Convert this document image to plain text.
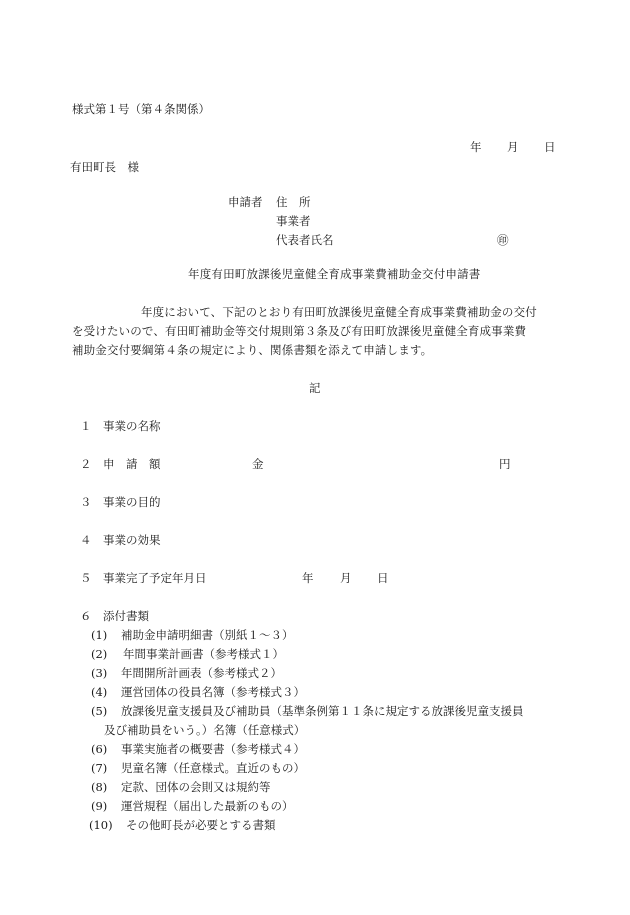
様式第１号（第４条関係）
年 月 日
有田町長　様
申請者 住　所
事業者
代表者氏名	㊞
年度有田町放課後児童健全育成事業費補助金交付申請書
年度において、下記のとおり有田町放課後児童健全育成事業費補助金の交付
を受けたいので、有田町補助金等交付規則第３条及び有田町放課後児童健全育成事業費
補助金交付要綱第４条の規定により、関係書類を添えて申請します。
記
１ 事業の名称
２ 申　請　額	金	円
３ 事業の目的
４ 事業の効果
５ 事業完了予定年月日	年 月 日
６ 添付書類
(1) 補助金申請明細書（別紙１～３）
(2) 年間事業計画書（参考様式１）
(3) 年間開所計画表（参考様式２）
(4) 運営団体の役員名簿（参考様式３）
(5) 放課後児童支援員及び補助員（基準条例第１１条に規定する放課後児童支援員
及び補助員をいう。）名簿（任意様式）
(6) 事業実施者の概要書（参考様式４）
(7) 児童名簿（任意様式。直近のもの）
(8) 定款、団体の会則又は規約等
(9) 運営規程（届出した最新のもの）
(10) その他町長が必要とする書類
